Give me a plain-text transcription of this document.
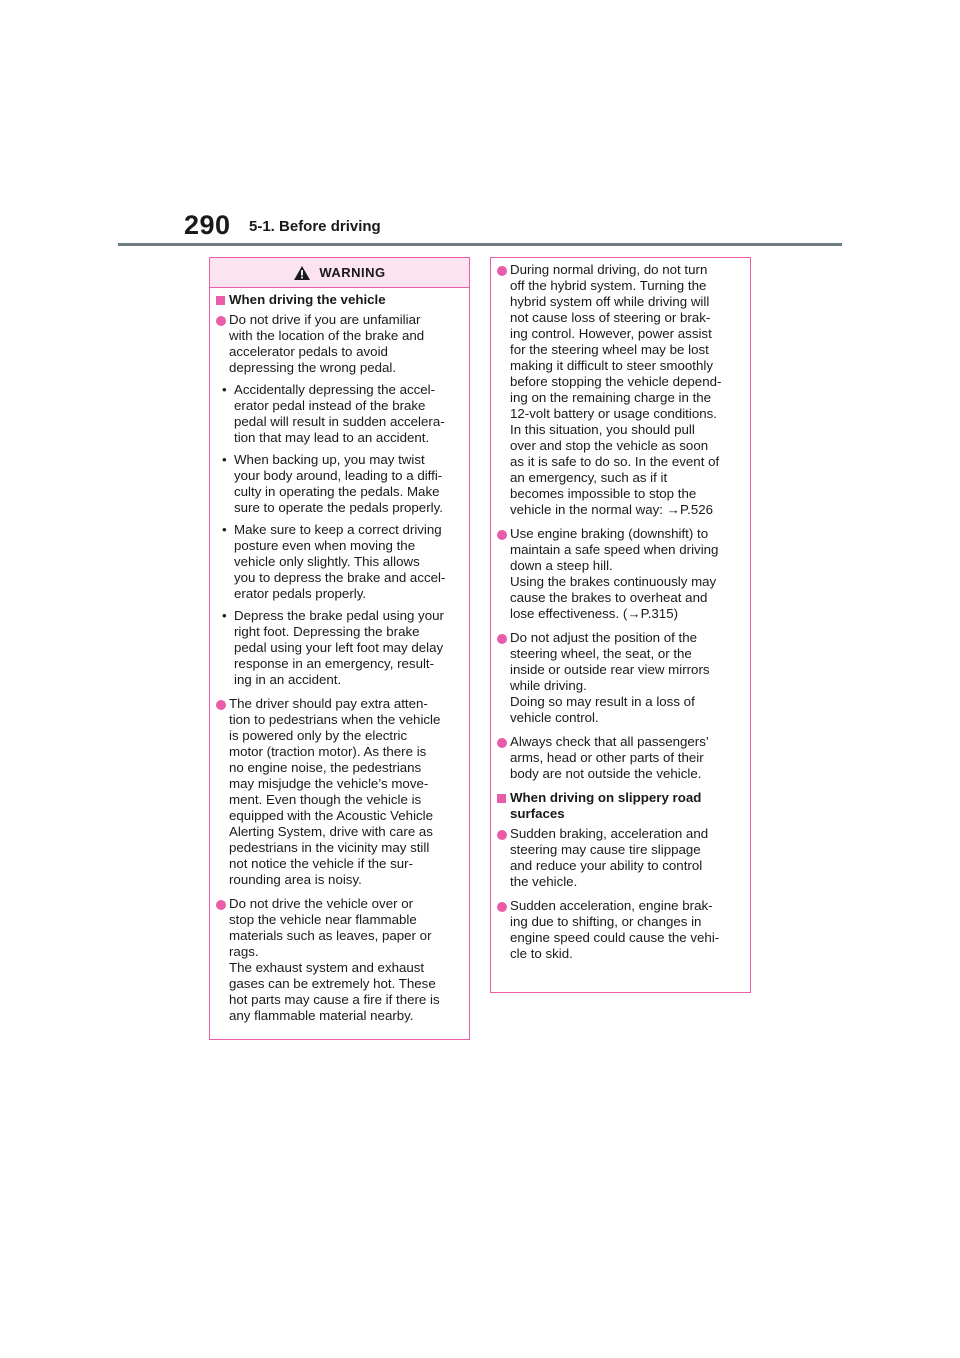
290 5-1. Before driving
WARNING
When driving the vehicle
Do not drive if you are unfamiliar
with the location of the brake and
accelerator pedals to avoid
depressing the wrong pedal.
• Accidentally depressing the accel-
erator pedal instead of the brake
pedal will result in sudden accelera-
tion that may lead to an accident.
• When backing up, you may twist
your body around, leading to a diffi-
culty in operating the pedals. Make
sure to operate the pedals properly.
• Make sure to keep a correct driving
posture even when moving the
vehicle only slightly. This allows
you to depress the brake and accel-
erator pedals properly.
• Depress the brake pedal using your
right foot. Depressing the brake
pedal using your left foot may delay
response in an emergency, result-
ing in an accident.
The driver should pay extra atten-
tion to pedestrians when the vehicle
is powered only by the electric
motor (traction motor). As there is
no engine noise, the pedestrians
may misjudge the vehicle’s move-
ment. Even though the vehicle is
equipped with the Acoustic Vehicle
Alerting System, drive with care as
pedestrians in the vicinity may still
not notice the vehicle if the sur-
rounding area is noisy.
Do not drive the vehicle over or
stop the vehicle near flammable
materials such as leaves, paper or
rags.
The exhaust system and exhaust
gases can be extremely hot. These
hot parts may cause a fire if there is
any flammable material nearby.
During normal driving, do not turn
off the hybrid system. Turning the
hybrid system off while driving will
not cause loss of steering or brak-
ing control. However, power assist
for the steering wheel may be lost
making it difficult to steer smoothly
before stopping the vehicle depend-
ing on the remaining charge in the
12-volt battery or usage conditions.
In this situation, you should pull
over and stop the vehicle as soon
as it is safe to do so. In the event of
an emergency, such as if it
becomes impossible to stop the
vehicle in the normal way: →P.526
Use engine braking (downshift) to
maintain a safe speed when driving
down a steep hill.
Using the brakes continuously may
cause the brakes to overheat and
lose effectiveness. (→P.315)
Do not adjust the position of the
steering wheel, the seat, or the
inside or outside rear view mirrors
while driving.
Doing so may result in a loss of
vehicle control.
Always check that all passengers’
arms, head or other parts of their
body are not outside the vehicle.
When driving on slippery road
surfaces
Sudden braking, acceleration and
steering may cause tire slippage
and reduce your ability to control
the vehicle.
Sudden acceleration, engine brak-
ing due to shifting, or changes in
engine speed could cause the vehi-
cle to skid.
